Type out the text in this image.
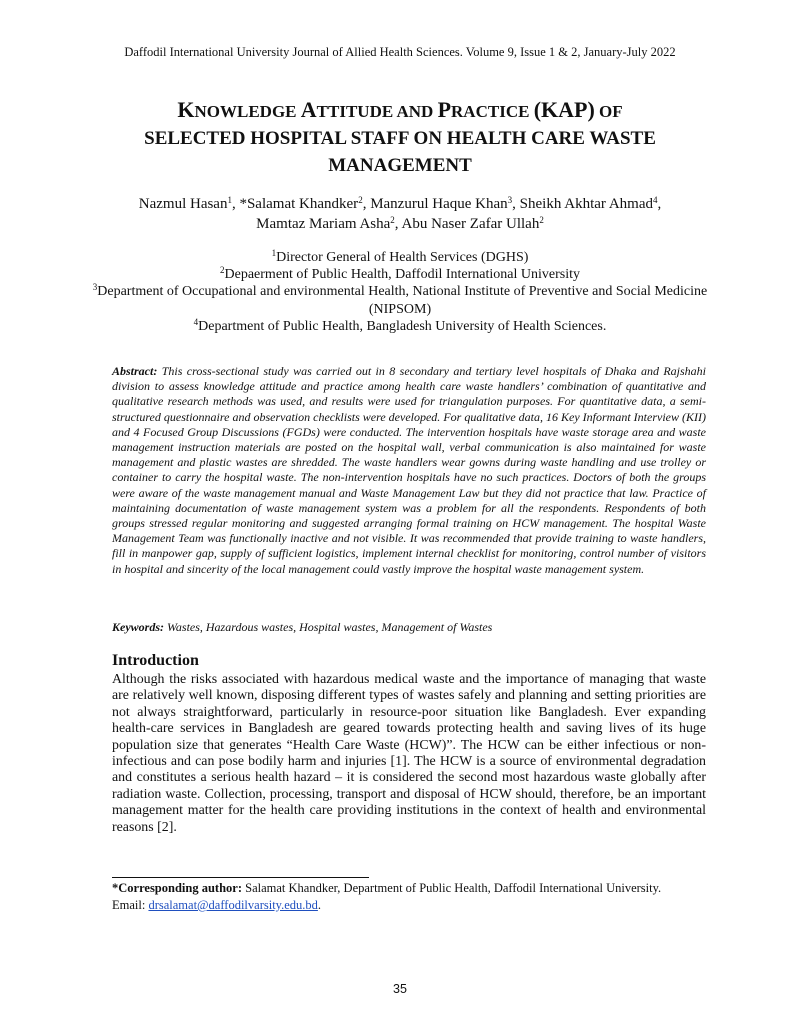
Daffodil International University Journal of Allied Health Sciences. Volume 9, Issue 1 & 2, January-July 2022
KNOWLEDGE ATTITUDE AND PRACTICE (KAP) OF
SELECTED HOSPITAL STAFF ON HEALTH CARE WASTE
MANAGEMENT
Nazmul Hasan$^1$, *Salamat Khandker$^2$, Manzurul Haque Khan$^3$, Sheikh Akhtar Ahmad$^4$,
Mamtaz Mariam Asha$^2$, Abu Naser Zafar Ullah$^2$
$^1$Director General of Health Services (DGHS)
$^2$Depaerment of Public Health, Daffodil International University
$^3$Department of Occupational and environmental Health, National Institute of Preventive and Social Medicine (NIPSOM)
$^4$Department of Public Health, Bangladesh University of Health Sciences.
Abstract: This cross-sectional study was carried out in 8 secondary and tertiary level hospitals of Dhaka and Rajshahi division to assess knowledge attitude and practice among health care waste handlers’ combination of quantitative and qualitative research methods was used, and results were used for triangulation purposes. For quantitative data, a semi-structured questionnaire and observation checklists were developed. For qualitative data, 16 Key Informant Interview (KII) and 4 Focused Group Discussions (FGDs) were conducted. The intervention hospitals have waste storage area and waste management instruction materials are posted on the hospital wall, verbal communication is also maintained for waste management and plastic wastes are shredded. The waste handlers wear gowns during waste handling and use trolley or container to carry the hospital waste. The non-intervention hospitals have no such practices. Doctors of both the groups were aware of the waste management manual and Waste Management Law but they did not practice that law. Practice of maintaining documentation of waste management system was a problem for all the respondents. Respondents of both groups stressed regular monitoring and suggested arranging formal training on HCW management. The hospital Waste Management Team was functionally inactive and not visible. It was recommended that provide training to waste handlers, fill in manpower gap, supply of sufficient logistics, implement internal checklist for monitoring, control number of visitors in hospital and sincerity of the local management could vastly improve the hospital waste management system.
Keywords: Wastes, Hazardous wastes, Hospital wastes, Management of Wastes
Introduction
Although the risks associated with hazardous medical waste and the importance of managing that waste are relatively well known, disposing different types of wastes safely and planning and setting priorities are not always straightforward, particularly in resource-poor situation like Bangladesh. Ever expanding health-care services in Bangladesh are geared towards protecting health and saving lives of its huge population size that generates “Health Care Waste (HCW)”. The HCW can be either infectious or non-infectious and can pose bodily harm and injuries [1]. The HCW is a source of environmental degradation and constitutes a serious health hazard – it is considered the second most hazardous waste globally after radiation waste. Collection, processing, transport and disposal of HCW should, therefore, be an important management matter for the health care providing institutions in the context of health and environmental reasons [2].
*Corresponding author: Salamat Khandker, Department of Public Health, Daffodil International University.
Email: drsalamat@daffodilvarsity.edu.bd.
35
